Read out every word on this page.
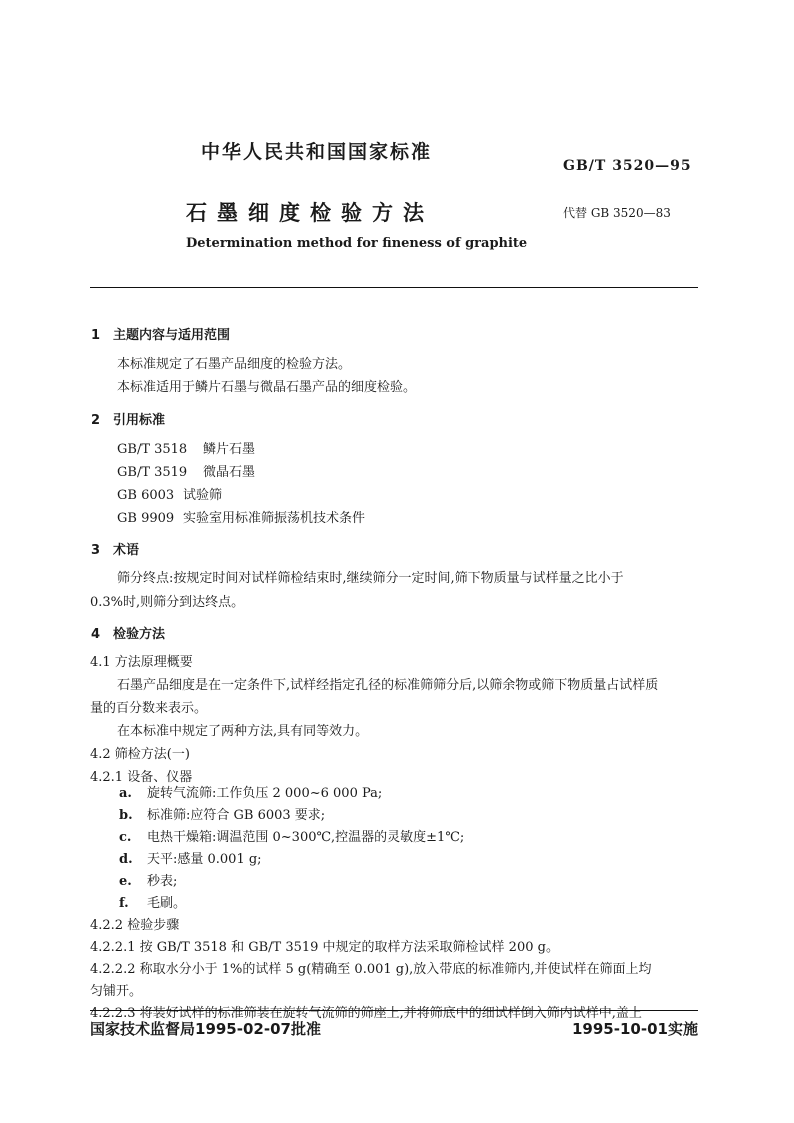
中华人民共和国国家标准
GB/T 3520—95
石墨细度检验方法	代替 GB 3520—83
Determination method for fineness of graphite
1 主题内容与适用范围
本标准规定了石墨产品细度的检验方法。
本标准适用于鳞片石墨与微晶石墨产品的细度检验。
2 引用标准
GB/T 3518 鳞片石墨
GB/T 3519 微晶石墨
GB 6003 试验筛
GB 9909 实验室用标准筛振荡机技术条件
3 术语
筛分终点:按规定时间对试样筛检结束时,继续筛分一定时间,筛下物质量与试样量之比小于
0.3%时,则筛分到达终点。
4 检验方法
4.1 方法原理概要
石墨产品细度是在一定条件下,试样经指定孔径的标准筛筛分后,以筛余物或筛下物质量占试样质
量的百分数来表示。
在本标准中规定了两种方法,具有同等效力。
4.2 筛检方法(一)
4.2.1 设备、仪器
a. 旋转气流筛:工作负压 2 000~6 000 Pa;
b. 标准筛:应符合 GB 6003 要求;
c. 电热干燥箱:调温范围 0~300℃,控温器的灵敏度±1℃;
d. 天平:感量 0.001 g;
e. 秒表;
f. 毛刷。
4.2.2 检验步骤
4.2.2.1 按 GB/T 3518 和 GB/T 3519 中规定的取样方法采取筛检试样 200 g。
4.2.2.2 称取水分小于 1%的试样 5 g(精确至 0.001 g),放入带底的标准筛内,并使试样在筛面上均
匀铺开。
4.2.2.3 将装好试样的标准筛装在旋转气流筛的筛座上,并将筛底中的细试样倒入筛内试样中,盖上
国家技术监督局1995-02-07批准	1995-10-01实施
